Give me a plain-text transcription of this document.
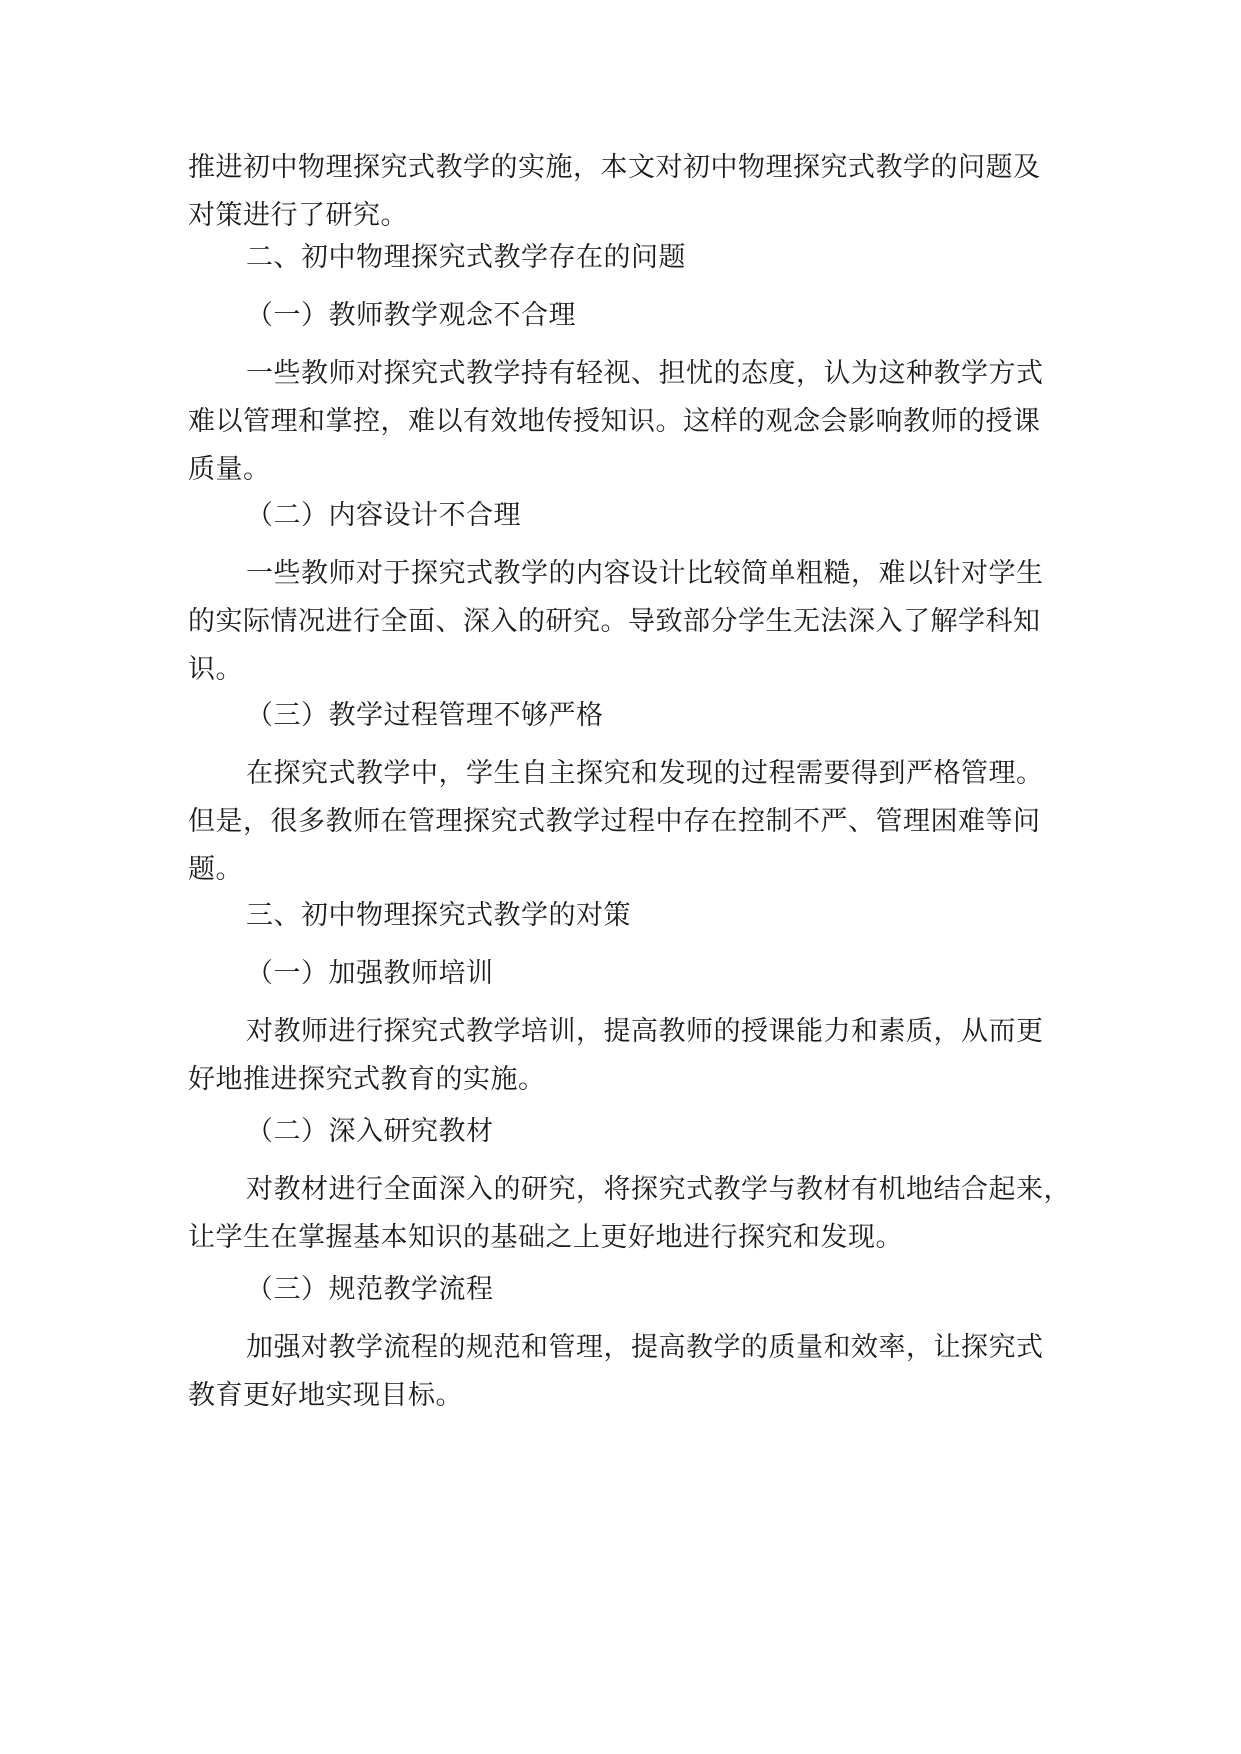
推进初中物理探究式教学的实施，本文对初中物理探究式教学的问题及
对策进行了研究。
二、初中物理探究式教学存在的问题
（一）教师教学观念不合理
一些教师对探究式教学持有轻视、担忧的态度，认为这种教学方式
难以管理和掌控，难以有效地传授知识。这样的观念会影响教师的授课
质量。
（二）内容设计不合理
一些教师对于探究式教学的内容设计比较简单粗糙，难以针对学生
的实际情况进行全面、深入的研究。导致部分学生无法深入了解学科知
识。
（三）教学过程管理不够严格
在探究式教学中，学生自主探究和发现的过程需要得到严格管理。
但是，很多教师在管理探究式教学过程中存在控制不严、管理困难等问
题。
三、初中物理探究式教学的对策
（一）加强教师培训
对教师进行探究式教学培训，提高教师的授课能力和素质，从而更
好地推进探究式教育的实施。
（二）深入研究教材
对教材进行全面深入的研究，将探究式教学与教材有机地结合起来，
让学生在掌握基本知识的基础之上更好地进行探究和发现。
（三）规范教学流程
加强对教学流程的规范和管理，提高教学的质量和效率，让探究式
教育更好地实现目标。
